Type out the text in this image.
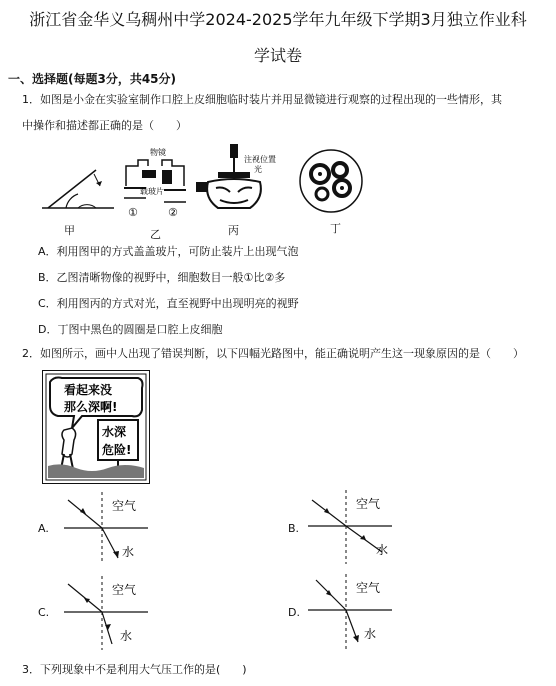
浙江省金华义乌稠州中学2024-2025学年九年级下学期3月独立作业科
学试卷
一、选择题(每题3分，共45分)
1．如图是小金在实验室制作口腔上皮细胞临时装片并用显微镜进行观察的过程出现的一些情形，其
中操作和描述都正确的是（　　）
甲
物镜
载玻片
①	②
乙
注视位置
光
丙	丁
A．利用图甲的方式盖盖玻片，可防止装片上出现气泡
B．乙图清晰物像的视野中，细胞数目一般①比②多
C．利用图丙的方式对光，直至视野中出现明亮的视野
D．丁图中黑色的圆圈是口腔上皮细胞
2．如图所示，画中人出现了错误判断，以下四幅光路图中，能正确说明产生这一现象原因的是（　　）
看起来没
那么深啊!
水深
危险!
A.
空气
水
B.
空气
水
C.
空气
水
D.
空气
水
3．下列现象中不是利用大气压工作的是(　　)
